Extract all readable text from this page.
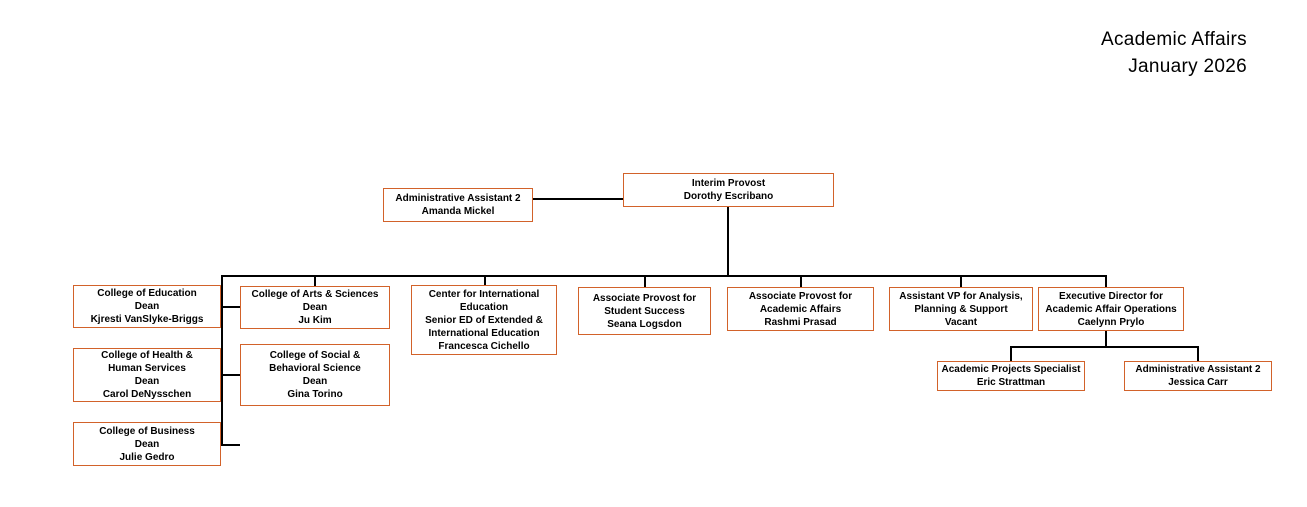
Academic Affairs
January 2026
Interim Provost
Dorothy Escribano
Administrative Assistant 2
Amanda Mickel
College of Education
Dean
Kjresti VanSlyke-Briggs
College of Health &
Human Services
Dean
Carol DeNysschen
College of Business
Dean
Julie Gedro
College of Arts & Sciences
Dean
Ju Kim
College of Social &
Behavioral Science
Dean
Gina Torino
Center for International
Education
Senior ED of Extended &
International Education
Francesca Cichello
Associate Provost for
Student Success
Seana Logsdon
Associate Provost for
Academic Affairs
Rashmi Prasad
Assistant VP for Analysis,
Planning & Support
Vacant
Executive Director for
Academic Affair Operations
Caelynn Prylo
Academic Projects Specialist
Eric Strattman
Administrative Assistant 2
Jessica Carr
